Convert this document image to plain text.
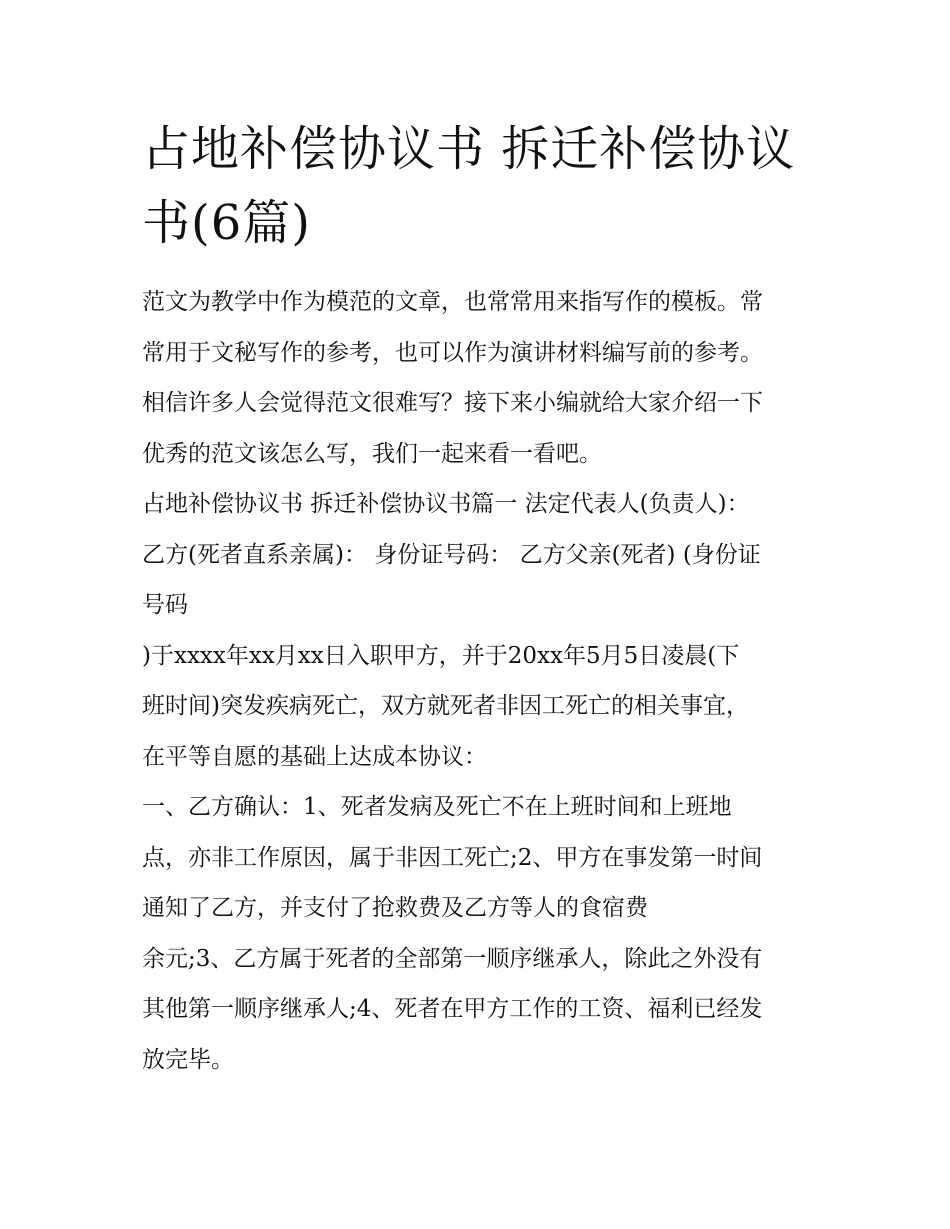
占地补偿协议书 拆迁补偿协议
书(6篇)
范文为教学中作为模范的文章，也常常用来指写作的模板。常
常用于文秘写作的参考，也可以作为演讲材料编写前的参考。
相信许多人会觉得范文很难写？接下来小编就给大家介绍一下
优秀的范文该怎么写，我们一起来看一看吧。
占地补偿协议书 拆迁补偿协议书篇一 法定代表人(负责人)：
乙方(死者直系亲属)： 身份证号码： 乙方父亲(死者) (身份证
号码
)于xxxx年xx月xx日入职甲方，并于20xx年5月5日凌晨(下
班时间)突发疾病死亡，双方就死者非因工死亡的相关事宜，
在平等自愿的基础上达成本协议：
一、乙方确认：1、死者发病及死亡不在上班时间和上班地
点，亦非工作原因，属于非因工死亡;2、甲方在事发第一时间
通知了乙方，并支付了抢救费及乙方等人的食宿费
余元;3、乙方属于死者的全部第一顺序继承人，除此之外没有
其他第一顺序继承人;4、死者在甲方工作的工资、福利已经发
放完毕。
